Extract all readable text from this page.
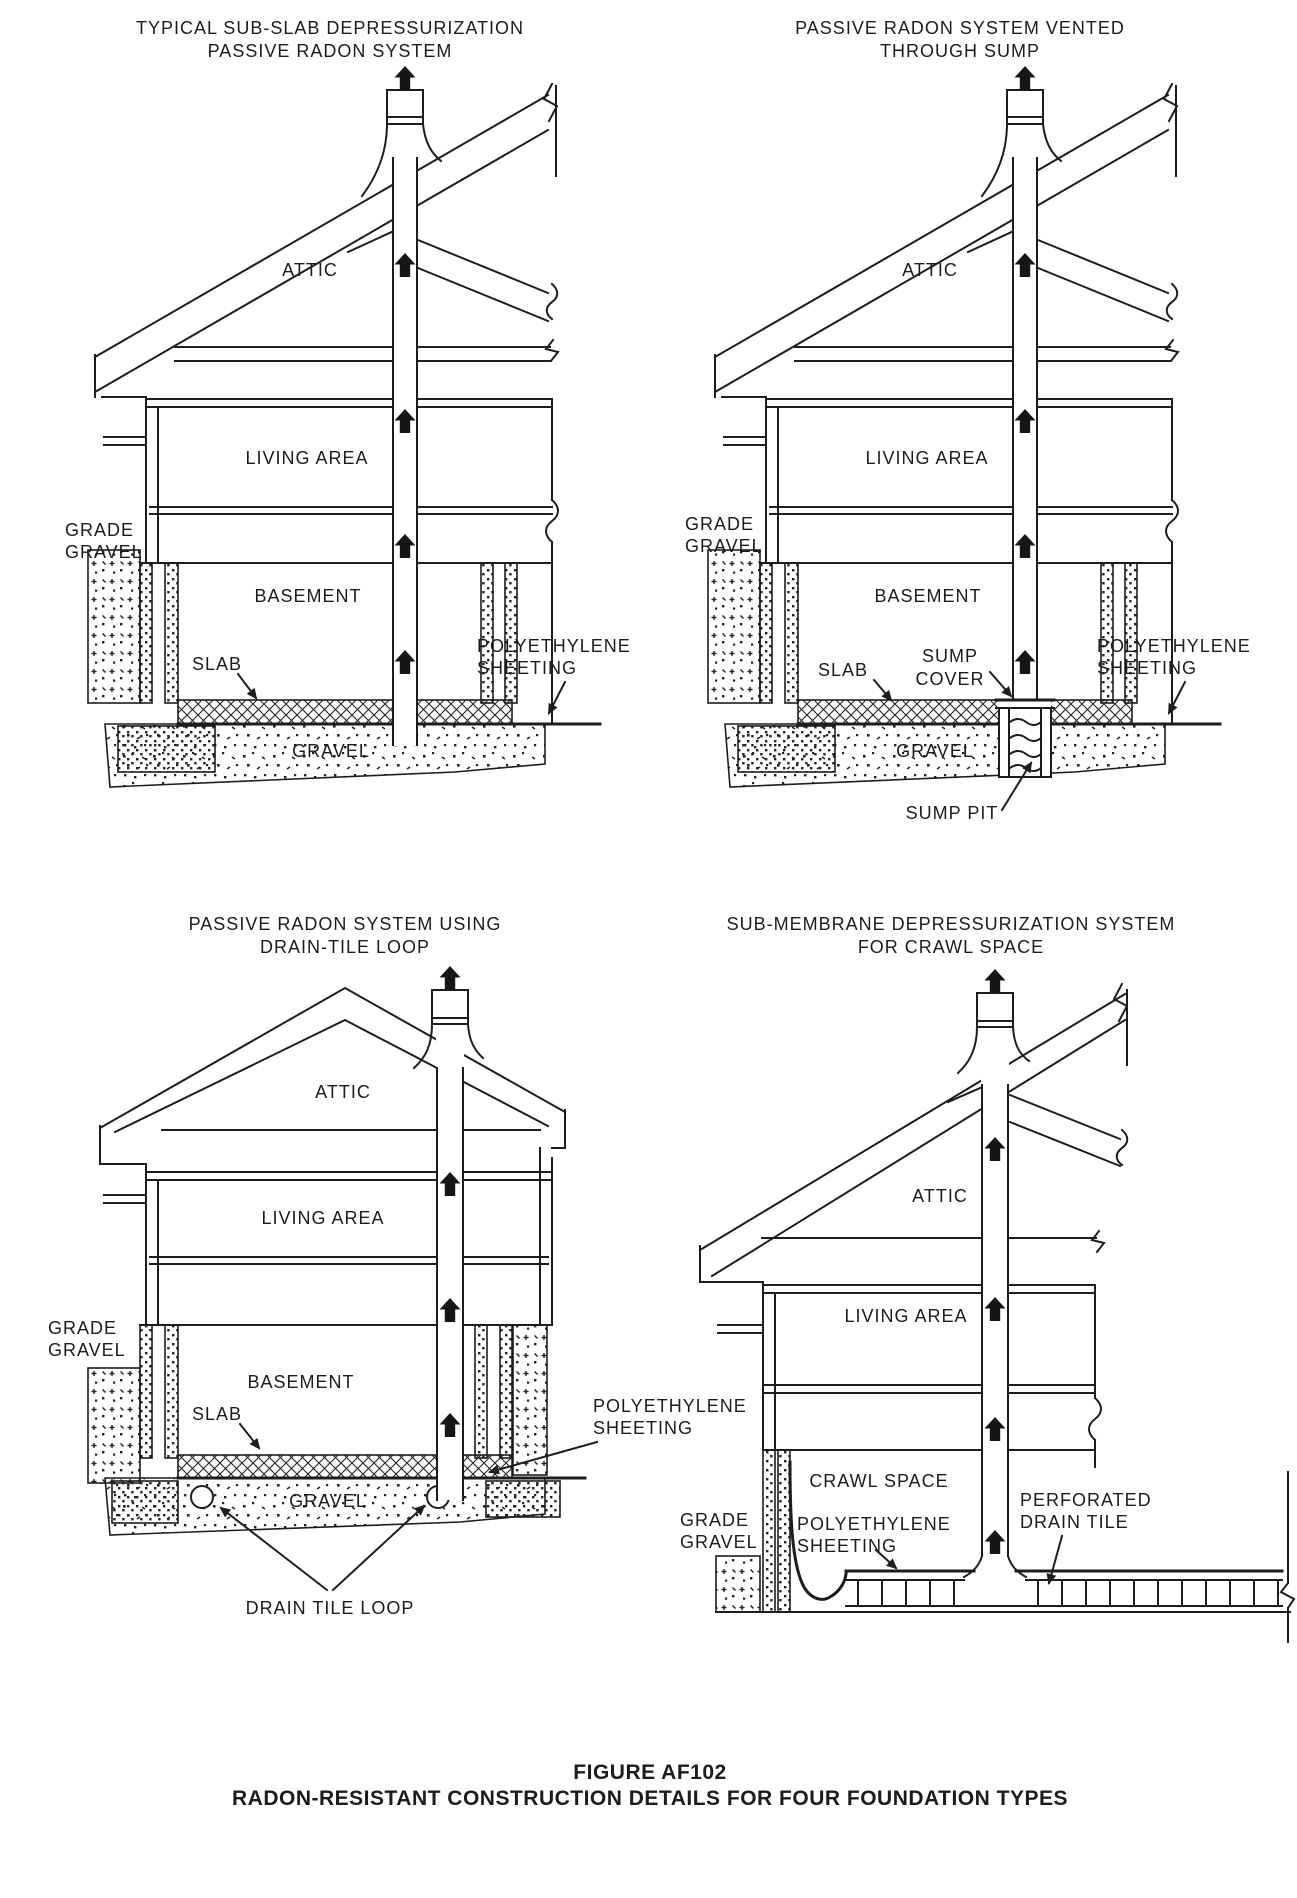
TYPICAL SUB-SLAB DEPRESSURIZATION
PASSIVE RADON SYSTEM
ATTIC
LIVING AREA
BASEMENT
GRADE
GRAVEL
SLAB
POLYETHYLENE
SHEETING
GRAVEL
PASSIVE RADON SYSTEM VENTED
THROUGH SUMP
ATTIC
LIVING AREA
BASEMENT
GRADE
GRAVEL
SLAB
SUMP
COVER
POLYETHYLENE
SHEETING
GRAVEL
SUMP PIT
PASSIVE RADON SYSTEM USING
DRAIN-TILE LOOP
ATTIC
LIVING AREA
BASEMENT
GRADE
GRAVEL
SLAB	POLYETHYLENE
SHEETING
GRAVEL
DRAIN TILE LOOP
SUB-MEMBRANE DEPRESSURIZATION SYSTEM
FOR CRAWL SPACE
ATTIC
LIVING AREA
CRAWL SPACE
GRADE
GRAVEL
POLYETHYLENE
SHEETING
PERFORATED
DRAIN TILE
FIGURE AF102
RADON-RESISTANT CONSTRUCTION DETAILS FOR FOUR FOUNDATION TYPES
